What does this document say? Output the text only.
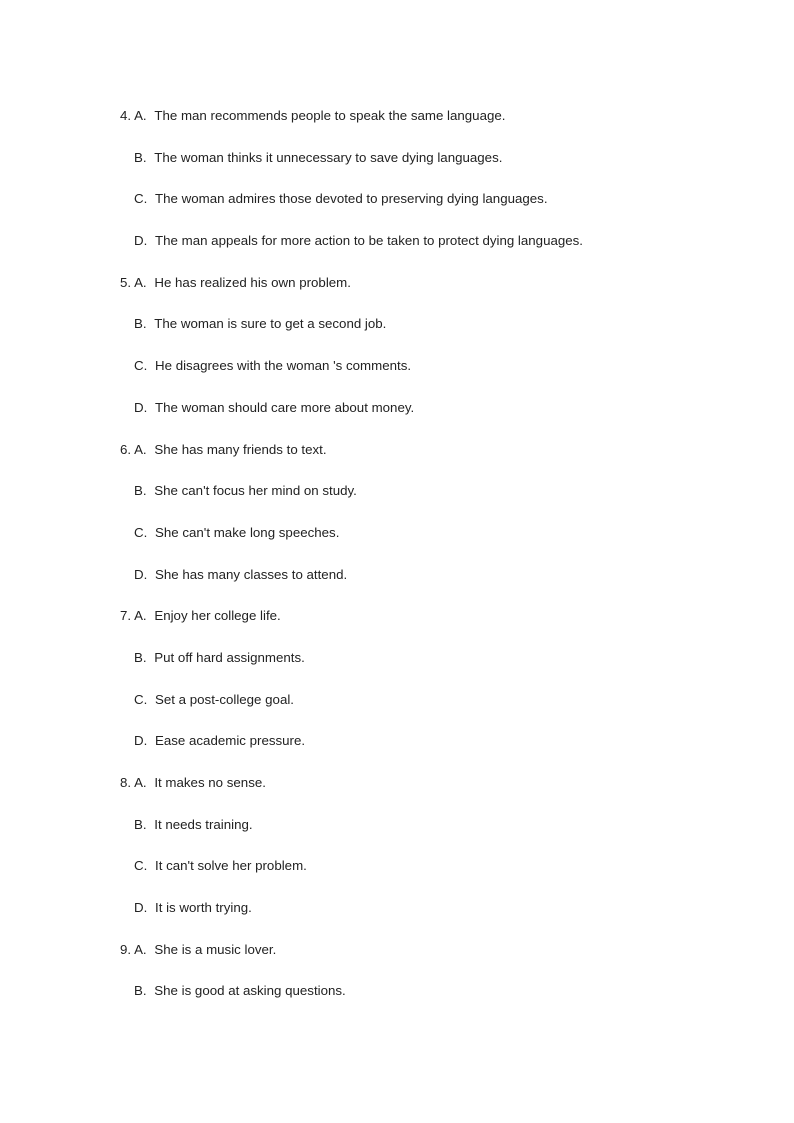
4. A. The man recommends people to speak the same language.
B. The woman thinks it unnecessary to save dying languages.
C. The woman admires those devoted to preserving dying languages.
D. The man appeals for more action to be taken to protect dying languages.
5. A. He has realized his own problem.
B. The woman is sure to get a second job.
C. He disagrees with the woman 's comments.
D. The woman should care more about money.
6. A. She has many friends to text.
B. She can't focus her mind on study.
C. She can't make long speeches.
D. She has many classes to attend.
7. A. Enjoy her college life.
B. Put off hard assignments.
C. Set a post-college goal.
D. Ease academic pressure.
8. A. It makes no sense.
B. It needs training.
C. It can't solve her problem.
D. It is worth trying.
9. A. She is a music lover.
B. She is good at asking questions.
